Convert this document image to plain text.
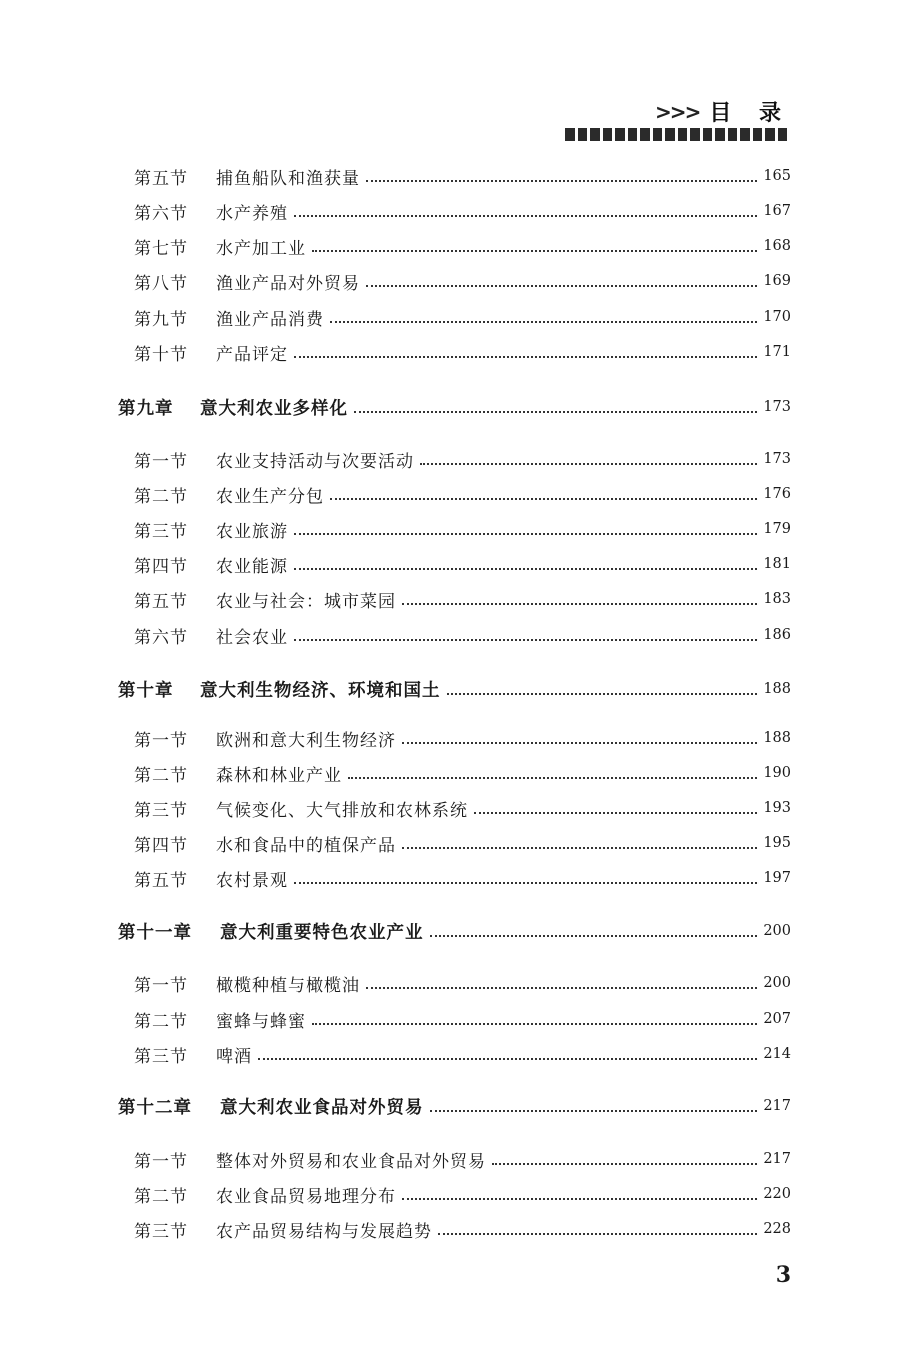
>>> 目 录
第五节	捕鱼船队和渔获量	165
第六节	水产养殖	167
第七节	水产加工业	168
第八节	渔业产品对外贸易	169
第九节	渔业产品消费	170
第十节	产品评定	171
第九章	意大利农业多样化	173
第一节	农业支持活动与次要活动	173
第二节	农业生产分包	176
第三节	农业旅游	179
第四节	农业能源	181
第五节	农业与社会：城市菜园	183
第六节	社会农业	186
第十章	意大利生物经济、环境和国土	188
第一节	欧洲和意大利生物经济	188
第二节	森林和林业产业	190
第三节	气候变化、大气排放和农林系统	193
第四节	水和食品中的植保产品	195
第五节	农村景观	197
第十一章	意大利重要特色农业产业	200
第一节	橄榄种植与橄榄油	200
第二节	蜜蜂与蜂蜜	207
第三节	啤酒	214
第十二章	意大利农业食品对外贸易	217
第一节	整体对外贸易和农业食品对外贸易	217
第二节	农业食品贸易地理分布	220
第三节	农产品贸易结构与发展趋势	228
3
